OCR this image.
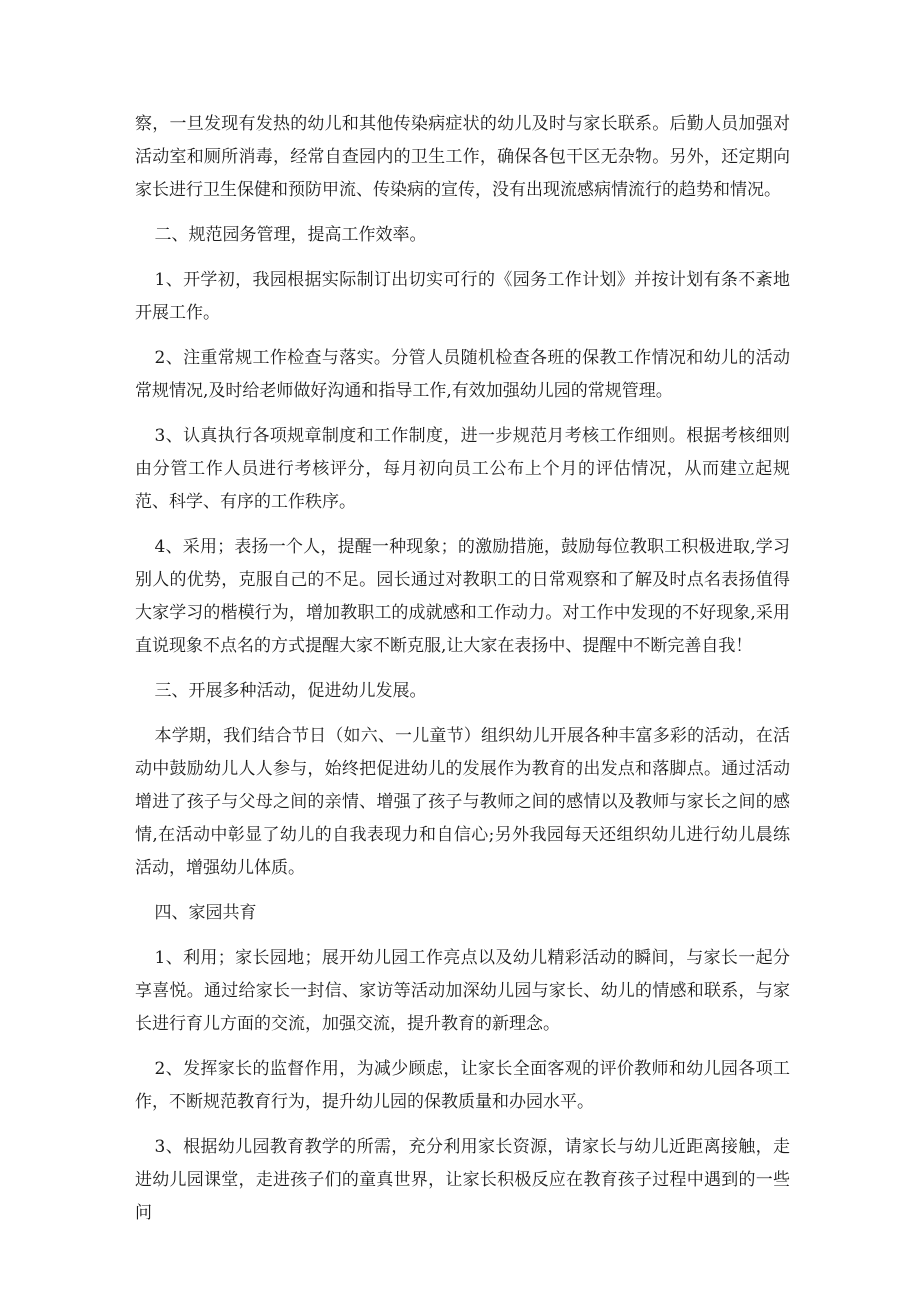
察，一旦发现有发热的幼儿和其他传染病症状的幼儿及时与家长联系。后勤人员加强对活动室和厕所消毒，经常自查园内的卫生工作，确保各包干区无杂物。另外，还定期向家长进行卫生保健和预防甲流、传染病的宣传，没有出现流感病情流行的趋势和情况。

二、规范园务管理，提高工作效率。

1、开学初，我园根据实际制订出切实可行的《园务工作计划》并按计划有条不紊地开展工作。

2、注重常规工作检查与落实。分管人员随机检查各班的保教工作情况和幼儿的活动常规情况,及时给老师做好沟通和指导工作,有效加强幼儿园的常规管理。

3、认真执行各项规章制度和工作制度，进一步规范月考核工作细则。根据考核细则由分管工作人员进行考核评分，每月初向员工公布上个月的评估情况，从而建立起规范、科学、有序的工作秩序。

4、采用；表扬一个人，提醒一种现象；的激励措施，鼓励每位教职工积极进取,学习别人的优势，克服自己的不足。园长通过对教职工的日常观察和了解及时点名表扬值得大家学习的楷模行为，增加教职工的成就感和工作动力。对工作中发现的不好现象,采用直说现象不点名的方式提醒大家不断克服,让大家在表扬中、提醒中不断完善自我！

三、开展多种活动，促进幼儿发展。

本学期，我们结合节日（如六、一儿童节）组织幼儿开展各种丰富多彩的活动，在活动中鼓励幼儿人人参与，始终把促进幼儿的发展作为教育的出发点和落脚点。通过活动增进了孩子与父母之间的亲情、增强了孩子与教师之间的感情以及教师与家长之间的感情,在活动中彰显了幼儿的自我表现力和自信心;另外我园每天还组织幼儿进行幼儿晨练活动，增强幼儿体质。

四、家园共育

1、利用；家长园地；展开幼儿园工作亮点以及幼儿精彩活动的瞬间，与家长一起分享喜悦。通过给家长一封信、家访等活动加深幼儿园与家长、幼儿的情感和联系，与家长进行育儿方面的交流，加强交流，提升教育的新理念。

2、发挥家长的监督作用，为减少顾虑，让家长全面客观的评价教师和幼儿园各项工作，不断规范教育行为，提升幼儿园的保教质量和办园水平。

3、根据幼儿园教育教学的所需，充分利用家长资源，请家长与幼儿近距离接触，走进幼儿园课堂，走进孩子们的童真世界，让家长积极反应在教育孩子过程中遇到的一些问
